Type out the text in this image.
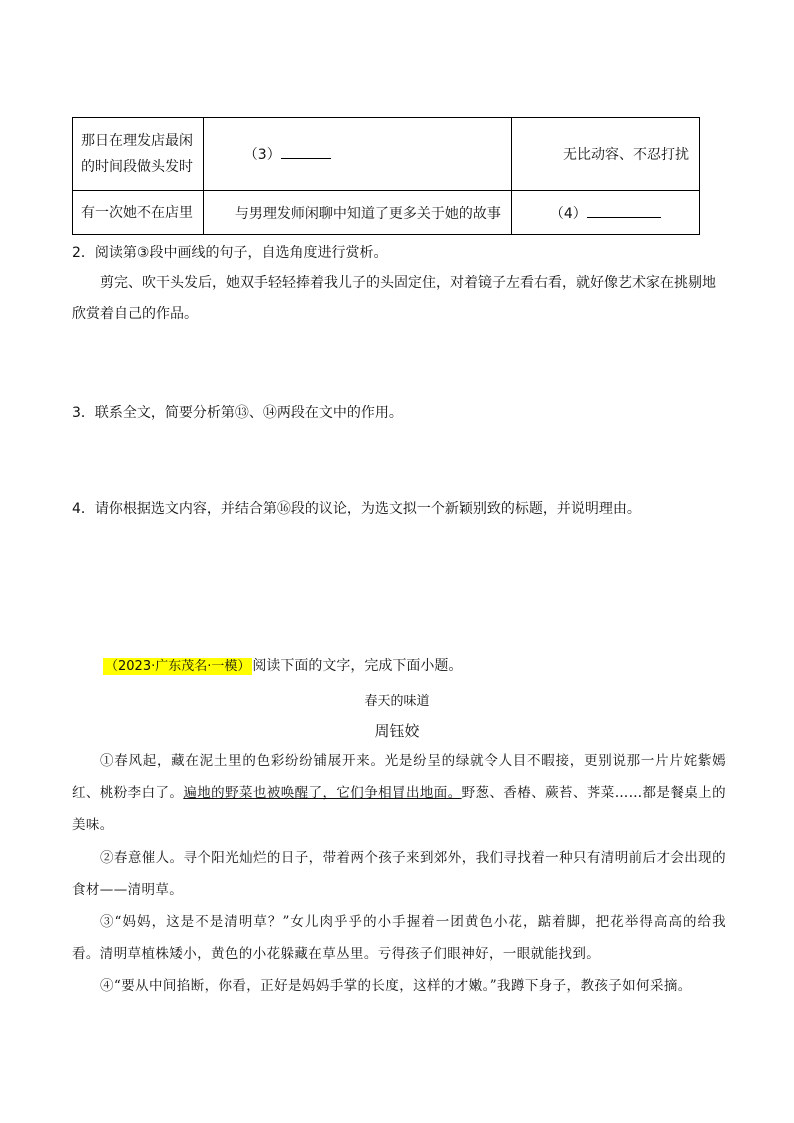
那日在理发店最闲的时间段做头发时	（3）	无比动容、不忍打扰
有一次她不在店里	与男理发师闲聊中知道了更多关于她的故事	（4）
2．阅读第③段中画线的句子，自选角度进行赏析。
剪完、吹干头发后，她双手轻轻捧着我儿子的头固定住，对着镜子左看右看，就好像艺术家在挑剔地欣赏着自己的作品。
3．联系全文，简要分析第⑬、⑭两段在文中的作用。
4．请你根据选文内容，并结合第⑯段的议论，为选文拟一个新颖别致的标题，并说明理由。
（2023·广东茂名·一模） 阅读下面的文字，完成下面小题。
春天的味道
周钰姣
①春风起，藏在泥土里的色彩纷纷铺展开来。光是纷呈的绿就令人目不暇接，更别说那一片片姹紫嫣红、桃粉李白了。遍地的野菜也被唤醒了，它们争相冒出地面。野葱、香椿、蕨苔、荠菜……都是餐桌上的美味。
②春意催人。寻个阳光灿烂的日子，带着两个孩子来到郊外，我们寻找着一种只有清明前后才会出现的食材——清明草。
③“妈妈，这是不是清明草？”女儿肉乎乎的小手握着一团黄色小花，踮着脚，把花举得高高的给我看。清明草植株矮小，黄色的小花躲藏在草丛里。亏得孩子们眼神好，一眼就能找到。
④“要从中间掐断，你看，正好是妈妈手掌的长度，这样的才嫩。”我蹲下身子，教孩子如何采摘。
